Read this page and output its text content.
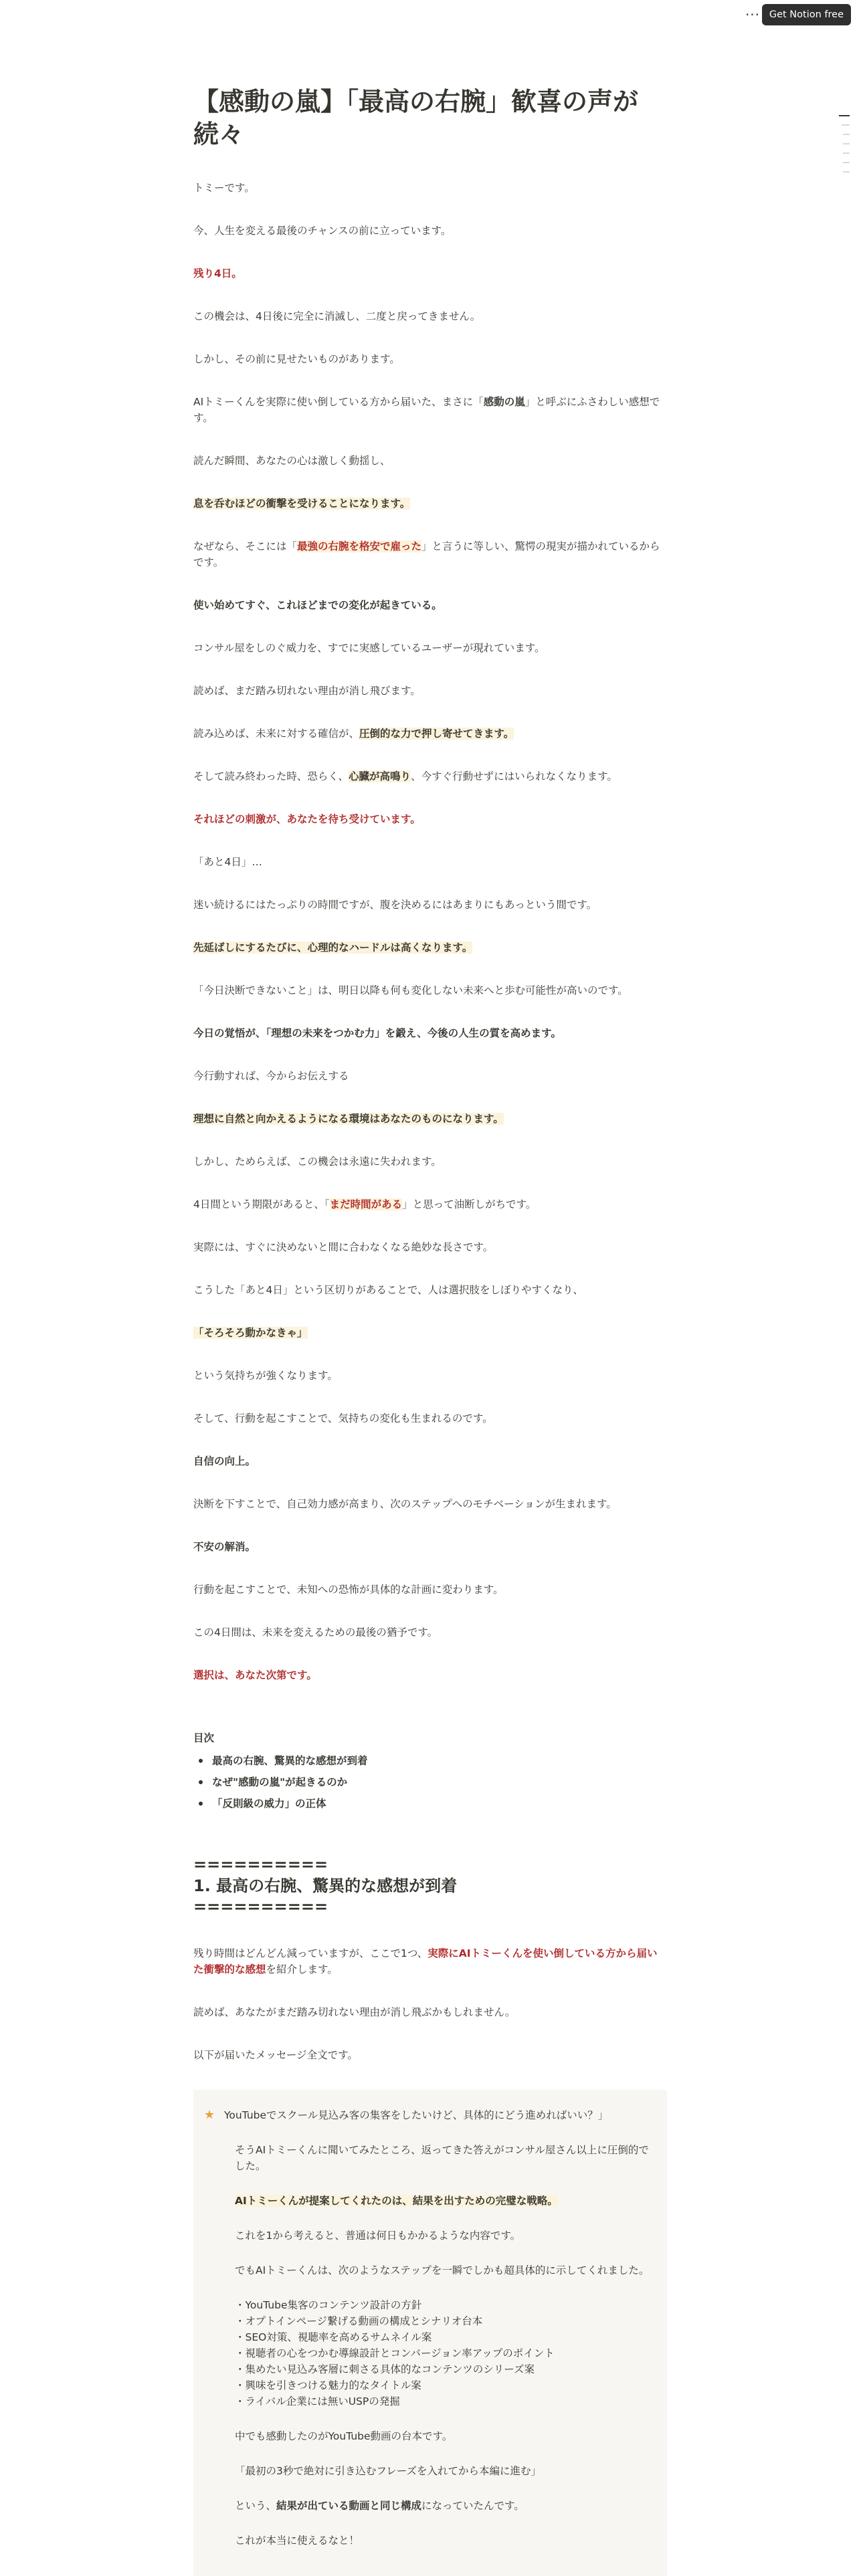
··· Get Notion free
【感動の嵐】「最高の右腕」歓喜の声が続々
トミーです。
今、人生を変える最後のチャンスの前に立っています。
残り4日。
この機会は、4日後に完全に消滅し、二度と戻ってきません。
しかし、その前に見せたいものがあります。
AIトミーくんを実際に使い倒している方から届いた、まさに「感動の嵐」と呼ぶにふさわしい感想です。
読んだ瞬間、あなたの心は激しく動揺し、
息を呑むほどの衝撃を受けることになります。
なぜなら、そこには「最強の右腕を格安で雇った」と言うに等しい、驚愕の現実が描かれているからです。
使い始めてすぐ、これほどまでの変化が起きている。
コンサル屋をしのぐ威力を、すでに実感しているユーザーが現れています。
読めば、まだ踏み切れない理由が消し飛びます。
読み込めば、未来に対する確信が、圧倒的な力で押し寄せてきます。
そして読み終わった時、恐らく、心臓が高鳴り、今すぐ行動せずにはいられなくなります。
それほどの刺激が、あなたを待ち受けています。
「あと4日」…
迷い続けるにはたっぷりの時間ですが、腹を決めるにはあまりにもあっという間です。
先延ばしにするたびに、心理的なハードルは高くなります。
「今日決断できないこと」は、明日以降も何も変化しない未来へと歩む可能性が高いのです。
今日の覚悟が、「理想の未来をつかむ力」を鍛え、今後の人生の質を高めます。
今行動すれば、今からお伝えする
理想に自然と向かえるようになる環境はあなたのものになります。
しかし、ためらえば、この機会は永遠に失われます。
4日間という期限があると、「まだ時間がある」と思って油断しがちです。
実際には、すぐに決めないと間に合わなくなる絶妙な長さです。
こうした「あと4日」という区切りがあることで、人は選択肢をしぼりやすくなり、
「そろそろ動かなきゃ」
という気持ちが強くなります。
そして、行動を起こすことで、気持ちの変化も生まれるのです。
自信の向上。
決断を下すことで、自己効力感が高まり、次のステップへのモチベーションが生まれます。
不安の解消。
行動を起こすことで、未知への恐怖が具体的な計画に変わります。
この4日間は、未来を変えるための最後の猶予です。
選択は、あなた次第です。
目次
最高の右腕、驚異的な感想が到着
なぜ"感動の嵐"が起きるのか
「反則級の威力」の正体
==========
1. 最高の右腕、驚異的な感想が到着
==========
残り時間はどんどん減っていますが、ここで1つ、実際にAIトミーくんを使い倒している方から届いた衝撃的な感想を紹介します。
読めば、あなたがまだ踏み切れない理由が消し飛ぶかもしれません。
以下が届いたメッセージ全文です。
★ YouTubeでスクール見込み客の集客をしたいけど、具体的にどう進めればいい？」
そうAIトミーくんに聞いてみたところ、返ってきた答えがコンサル屋さん以上に圧倒的でした。
AIトミーくんが提案してくれたのは、結果を出すための完璧な戦略。
これを1から考えると、普通は何日もかかるような内容です。
でもAIトミーくんは、次のようなステップを一瞬でしかも超具体的に示してくれました。
・YouTube集客のコンテンツ設計の方針
・オプトインページ繋げる動画の構成とシナリオ台本
・SEO対策、視聴率を高めるサムネイル案
・視聴者の心をつかむ導線設計とコンバージョン率アップのポイント
・集めたい見込み客層に刺さる具体的なコンテンツのシリーズ案
・興味を引きつける魅力的なタイトル案
・ライバル企業には無いUSPの発掘
中でも感動したのがYouTube動画の台本です。
「最初の3秒で絶対に引き込むフレーズを入れてから本編に進む」
という、結果が出ている動画と同じ構成になっていたんです。
これが本当に使えるなと！
